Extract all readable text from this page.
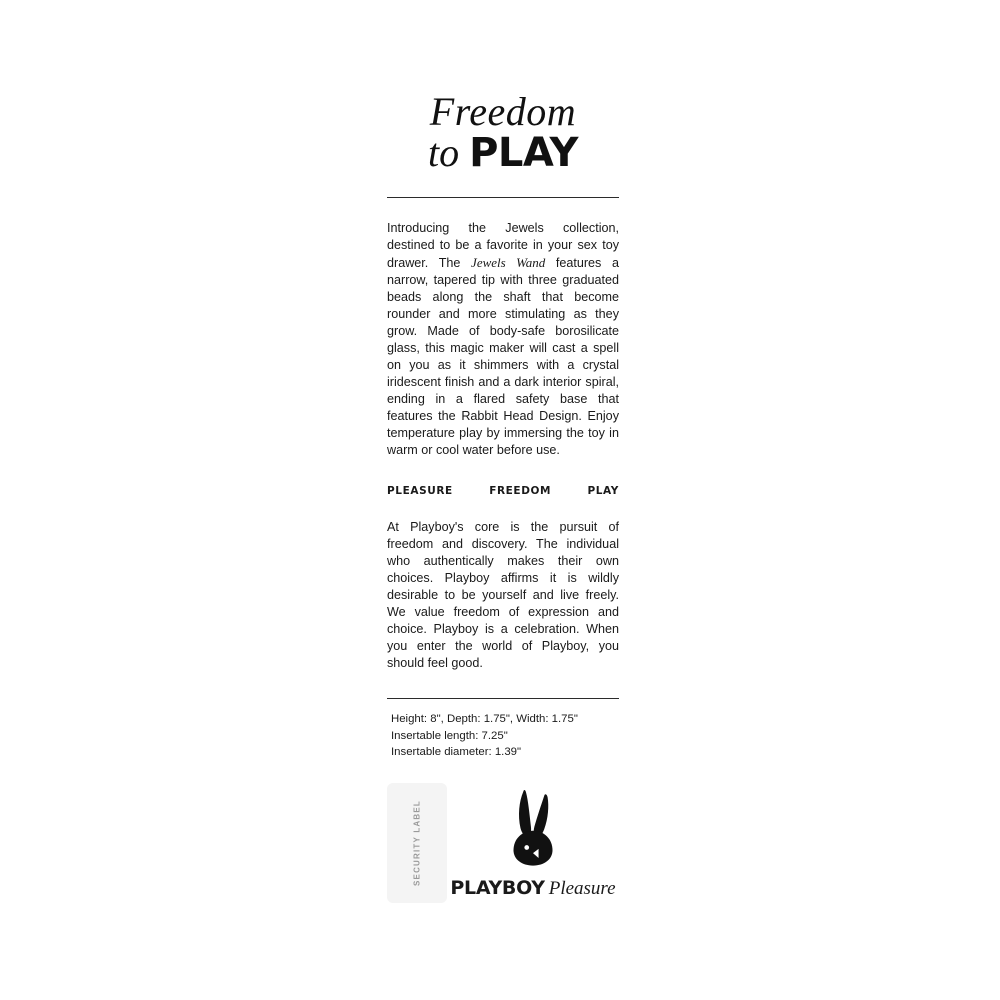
Freedom
to PLAY

Introducing the Jewels collection, destined to be a favorite in your sex toy drawer. The Jewels Wand features a narrow, tapered tip with three graduated beads along the shaft that become rounder and more stimulating as they grow. Made of body-safe borosilicate glass, this magic maker will cast a spell on you as it shimmers with a crystal iridescent finish and a dark interior spiral, ending in a flared safety base that features the Rabbit Head Design. Enjoy temperature play by immersing the toy in warm or cool water before use.

PLEASURE	FREEDOM	PLAY

At Playboy's core is the pursuit of freedom and discovery. The individual who authentically makes their own choices. Playboy affirms it is wildly desirable to be yourself and live freely. We value freedom of expression and choice. Playboy is a celebration. When you enter the world of Playboy, you should feel good.

Height: 8", Depth: 1.75", Width: 1.75"
Insertable length: 7.25"
Insertable diameter: 1.39"
SECURITY LABEL
PLAYBOY Pleasure
